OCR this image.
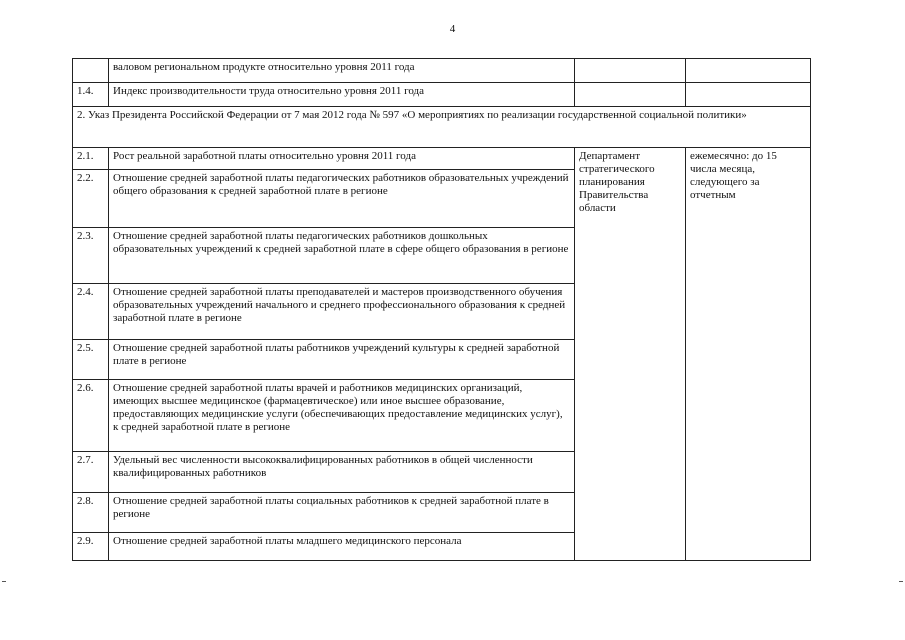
4
	валовом региональном продукте относительно уровня 2011 года		
1.4.	Индекс производительности труда относительно уровня 2011 года		
2. Указ Президента Российской Федерации от 7 мая 2012 года № 597 «О мероприятиях по реализации государственной социальной политики»			
2.1.	Рост реальной заработной платы относительно уровня 2011 года	Департамент стратегического планирования Правительства области	ежемесячно: до 15 числа месяца, следующего за отчетным
2.2.	Отношение средней заработной платы педагогических работников образовательных учреждений общего образования к средней заработной плате в регионе		
2.3.	Отношение средней заработной платы педагогических работников дошкольных образовательных учреждений к средней заработной плате в сфере общего образования в регионе		
2.4.	Отношение средней заработной платы преподавателей и мастеров производственного обучения образовательных учреждений начального и среднего профессионального образования к средней заработной плате в регионе		
2.5.	Отношение средней заработной платы работников учреждений культуры к средней заработной плате в регионе		
2.6.	Отношение средней заработной платы врачей и работников медицинских организаций, имеющих высшее медицинское (фармацевтическое) или иное высшее образование, предоставляющих медицинские услуги (обеспечивающих предоставление медицинских услуг), к средней заработной плате в регионе		
2.7.	Удельный вес численности высококвалифицированных работников в общей численности квалифицированных работников		
2.8.	Отношение средней заработной платы социальных работников к средней заработной плате в регионе		
2.9.	Отношение средней заработной платы младшего медицинского персонала		
